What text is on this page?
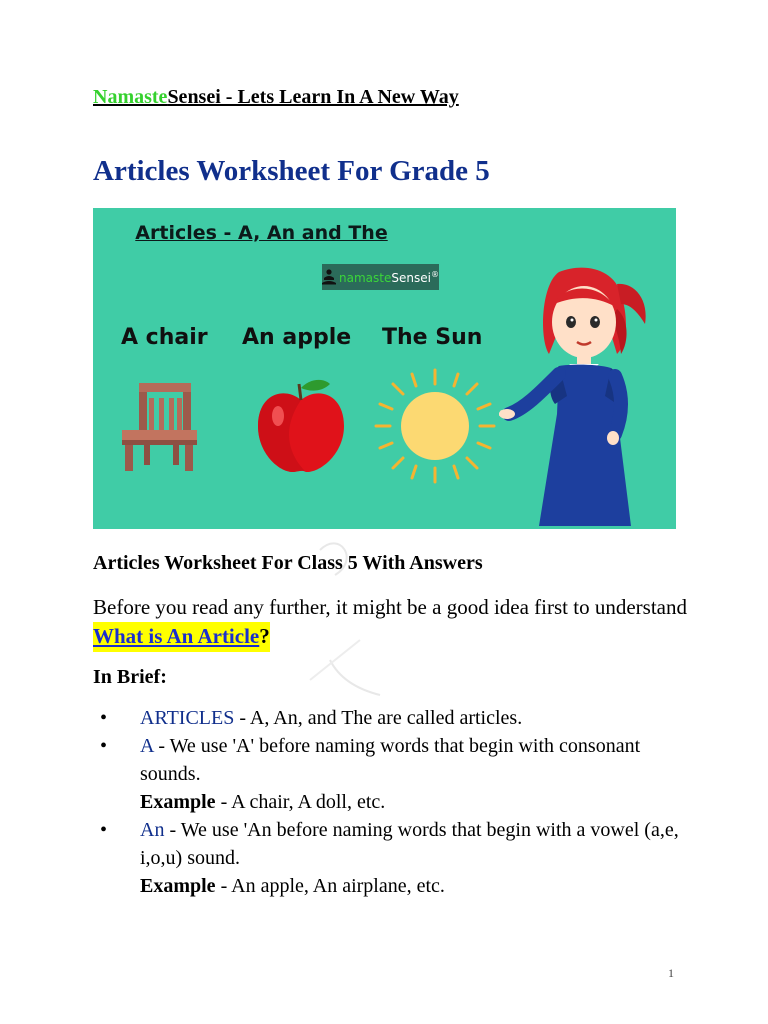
NamasteSensei - Lets Learn In A New Way
Articles Worksheet For Grade 5
Articles - A, An and The
namasteSensei®
A chair An apple The Sun
Articles Worksheet For Class 5 With Answers

Before you read any further, it might be a good idea first to understand What is An Article?

In Brief:
• ARTICLES - A, An, and The are called articles.
• A - We use 'A' before naming words that begin with consonant sounds.
Example - A chair, A doll, etc.
• An - We use 'An before naming words that begin with a vowel (a,e, i,o,u) sound.
Example - An apple, An airplane, etc.
1
